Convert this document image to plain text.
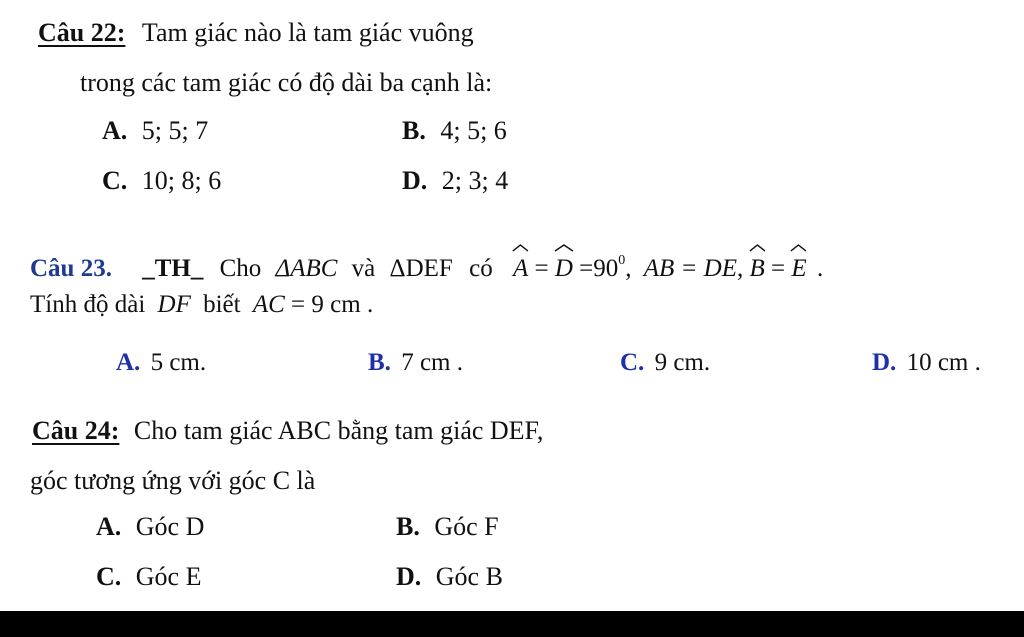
Câu 22: Tam giác nào là tam giác vuông
trong các tam giác có độ dài ba cạnh là:
A. 5; 5; 7	B. 4; 5; 6
C. 10; 8; 6	D. 2; 3; 4
Câu 23. _TH_ Cho ΔABC và ΔDEF có $A = D =90^0$, AB = DE, B = E .
Tính độ dài DF biết AC = 9 cm .
A. 5 cm.	B. 7 cm .	C. 9 cm.	D. 10 cm .
Câu 24: Cho tam giác ABC bằng tam giác DEF,
góc tương ứng với góc C là
A. Góc D	B. Góc F
C. Góc E	D. Góc B
